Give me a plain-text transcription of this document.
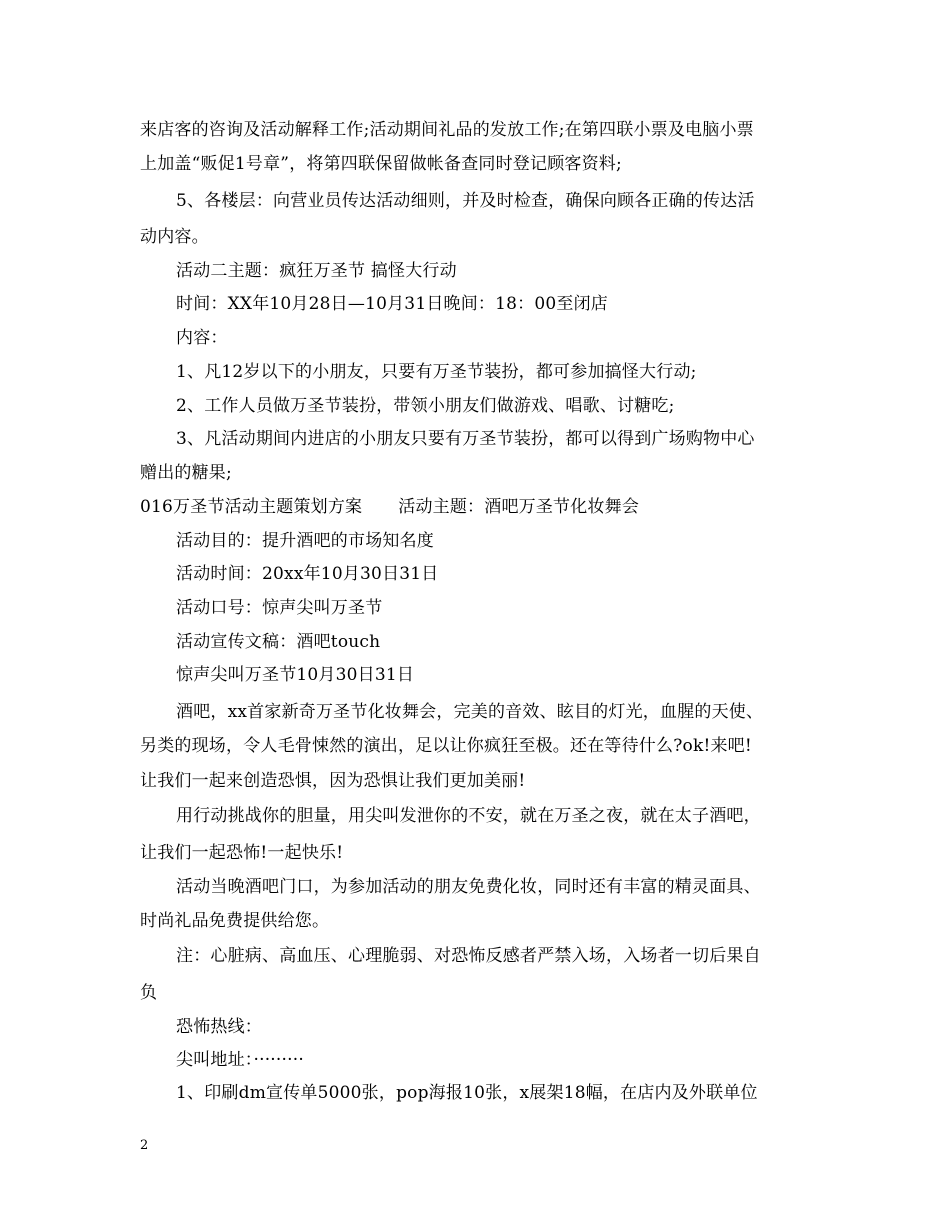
来店客的咨询及活动解释工作;活动期间礼品的发放工作;在第四联小票及电脑小票
上加盖“贩促1号章”，将第四联保留做帐备查同时登记顾客资料;
5、各楼层：向营业员传达活动细则，并及时检查，确保向顾各正确的传达活
动内容。
活动二主题：疯狂万圣节 搞怪大行动
时间：XX年10月28日—10月31日晚间：18：00至闭店
内容：
1、凡12岁以下的小朋友，只要有万圣节装扮，都可参加搞怪大行动;
2、工作人员做万圣节装扮，带领小朋友们做游戏、唱歌、讨糖吃;
3、凡活动期间内进店的小朋友只要有万圣节装扮，都可以得到广场购物中心
赠出的糖果;
016万圣节活动主题策划方案 活动主题：酒吧万圣节化妆舞会
活动目的：提升酒吧的市场知名度
活动时间：20xx年10月30日31日
活动口号：惊声尖叫万圣节
活动宣传文稿：酒吧touch
惊声尖叫万圣节10月30日31日
酒吧，xx首家新奇万圣节化妆舞会，完美的音效、眩目的灯光，血腥的天使、
另类的现场，令人毛骨悚然的演出，足以让你疯狂至极。还在等待什么?ok!来吧!
让我们一起来创造恐惧，因为恐惧让我们更加美丽!
用行动挑战你的胆量，用尖叫发泄你的不安，就在万圣之夜，就在太子酒吧，
让我们一起恐怖!一起快乐!
活动当晚酒吧门口，为参加活动的朋友免费化妆，同时还有丰富的精灵面具、
时尚礼品免费提供给您。
注：心脏病、高血压、心理脆弱、对恐怖反感者严禁入场，入场者一切后果自
负
恐怖热线：
尖叫地址：·········
1、印刷dm宣传单5000张，pop海报10张，x展架18幅，在店内及外联单位
2
